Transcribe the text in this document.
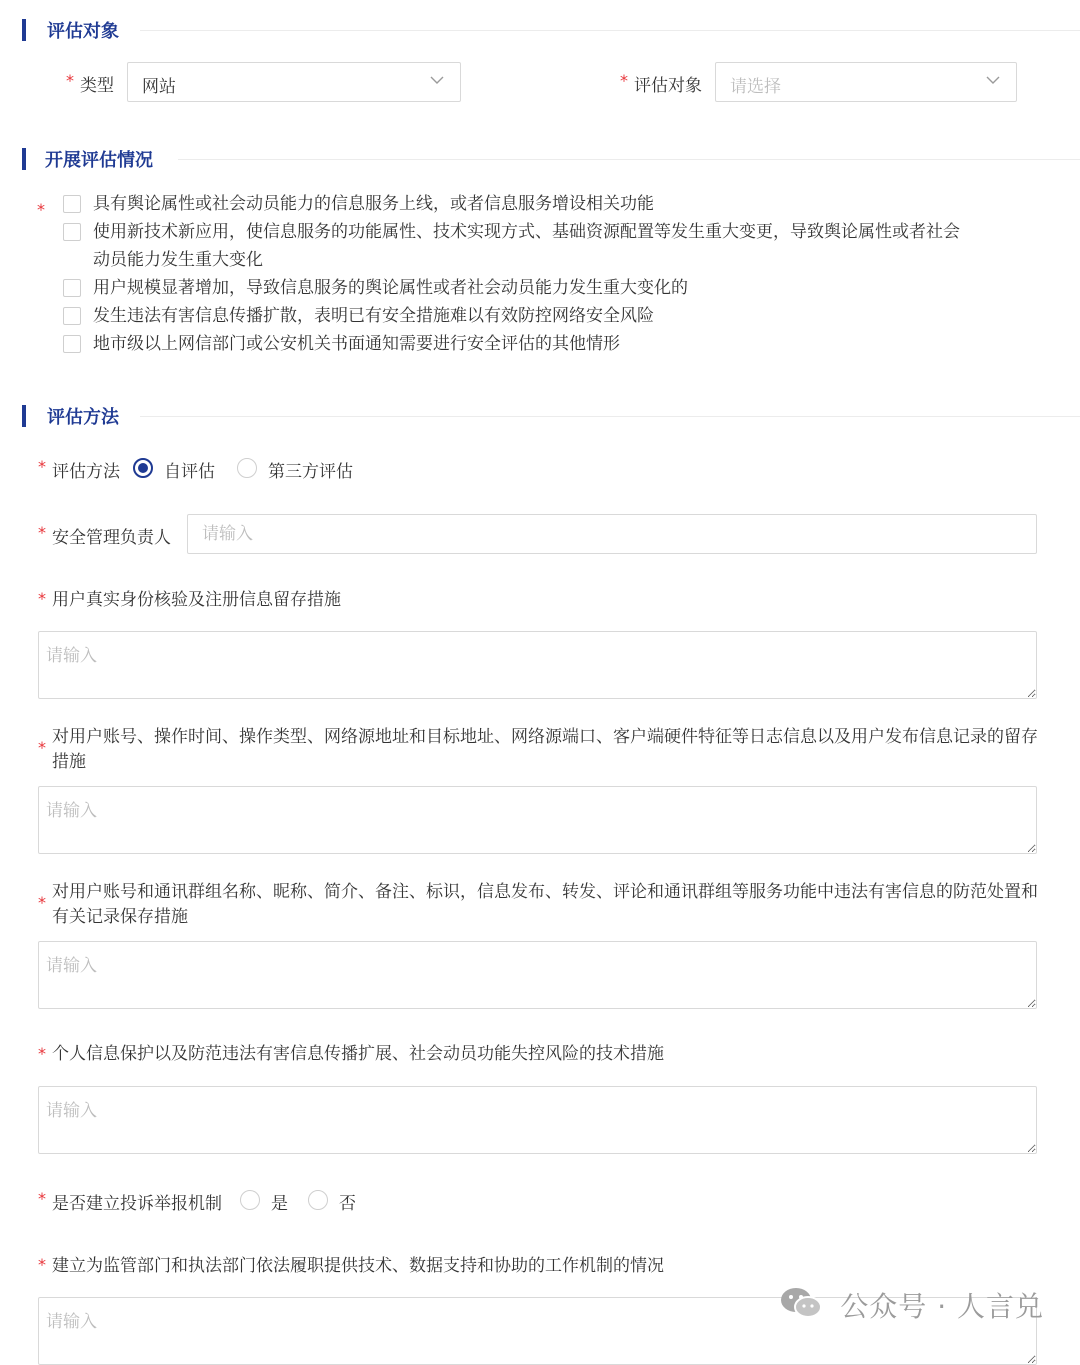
评估对象
* 类型 网站	* 评估对象 请选择
开展评估情况
*	具有舆论属性或社会动员能力的信息服务上线，或者信息服务增设相关功能
使用新技术新应用，使信息服务的功能属性、技术实现方式、基础资源配置等发生重大变更，导致舆论属性或者社会
动员能力发生重大变化
用户规模显著增加，导致信息服务的舆论属性或者社会动员能力发生重大变化的
发生违法有害信息传播扩散，表明已有安全措施难以有效防控网络安全风险
地市级以上网信部门或公安机关书面通知需要进行安全评估的其他情形
评估方法
* 评估方法	自评估	第三方评估
* 安全管理负责人
请输入
* 用户真实身份核验及注册信息留存措施
请输入
*
对用户账号、操作时间、操作类型、网络源地址和目标地址、网络源端口、客户端硬件特征等日志信息以及用户发布信息记录的留存措施
请输入
*
对用户账号和通讯群组名称、昵称、简介、备注、标识，信息发布、转发、评论和通讯群组等服务功能中违法有害信息的防范处置和有关记录保存措施
请输入
* 个人信息保护以及防范违法有害信息传播扩展、社会动员功能失控风险的技术措施
请输入
* 是否建立投诉举报机制	是	否
* 建立为监管部门和执法部门依法履职提供技术、数据支持和协助的工作机制的情况
请输入
公众号 · 人言兑
